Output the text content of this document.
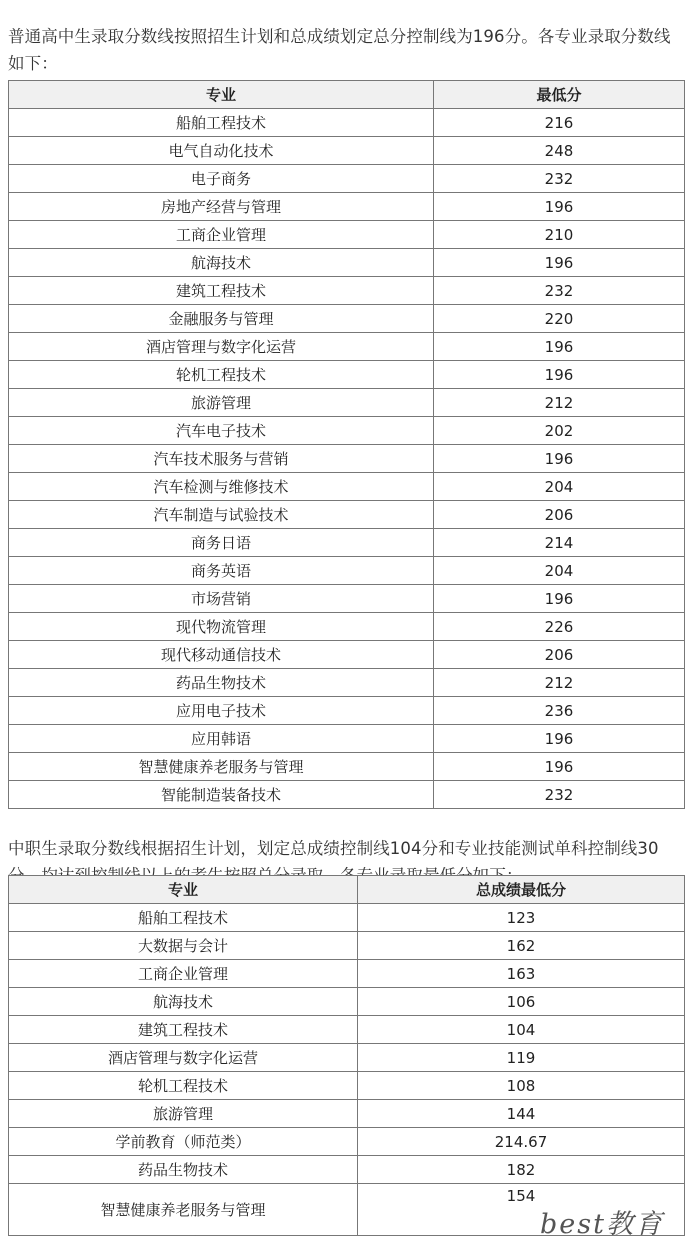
普通高中生录取分数线按照招生计划和总成绩划定总分控制线为196分。各专业录取分数线如下：

专业	最低分
船舶工程技术	216
电气自动化技术	248
电子商务	232
房地产经营与管理	196
工商企业管理	210
航海技术	196
建筑工程技术	232
金融服务与管理	220
酒店管理与数字化运营	196
轮机工程技术	196
旅游管理	212
汽车电子技术	202
汽车技术服务与营销	196
汽车检测与维修技术	204
汽车制造与试验技术	206
商务日语	214
商务英语	204
市场营销	196
现代物流管理	226
现代移动通信技术	206
药品生物技术	212
应用电子技术	236
应用韩语	196
智慧健康养老服务与管理	196
智能制造装备技术	232

中职生录取分数线根据招生计划，划定总成绩控制线104分和专业技能测试单科控制线30

专业	总成绩最低分
船舶工程技术	123
大数据与会计	162
工商企业管理	163
航海技术	106
建筑工程技术	104
酒店管理与数字化运营	119
轮机工程技术	108
旅游管理	144
学前教育（师范类）	214.67
药品生物技术	182
智慧健康养老服务与管理	154
best教育
